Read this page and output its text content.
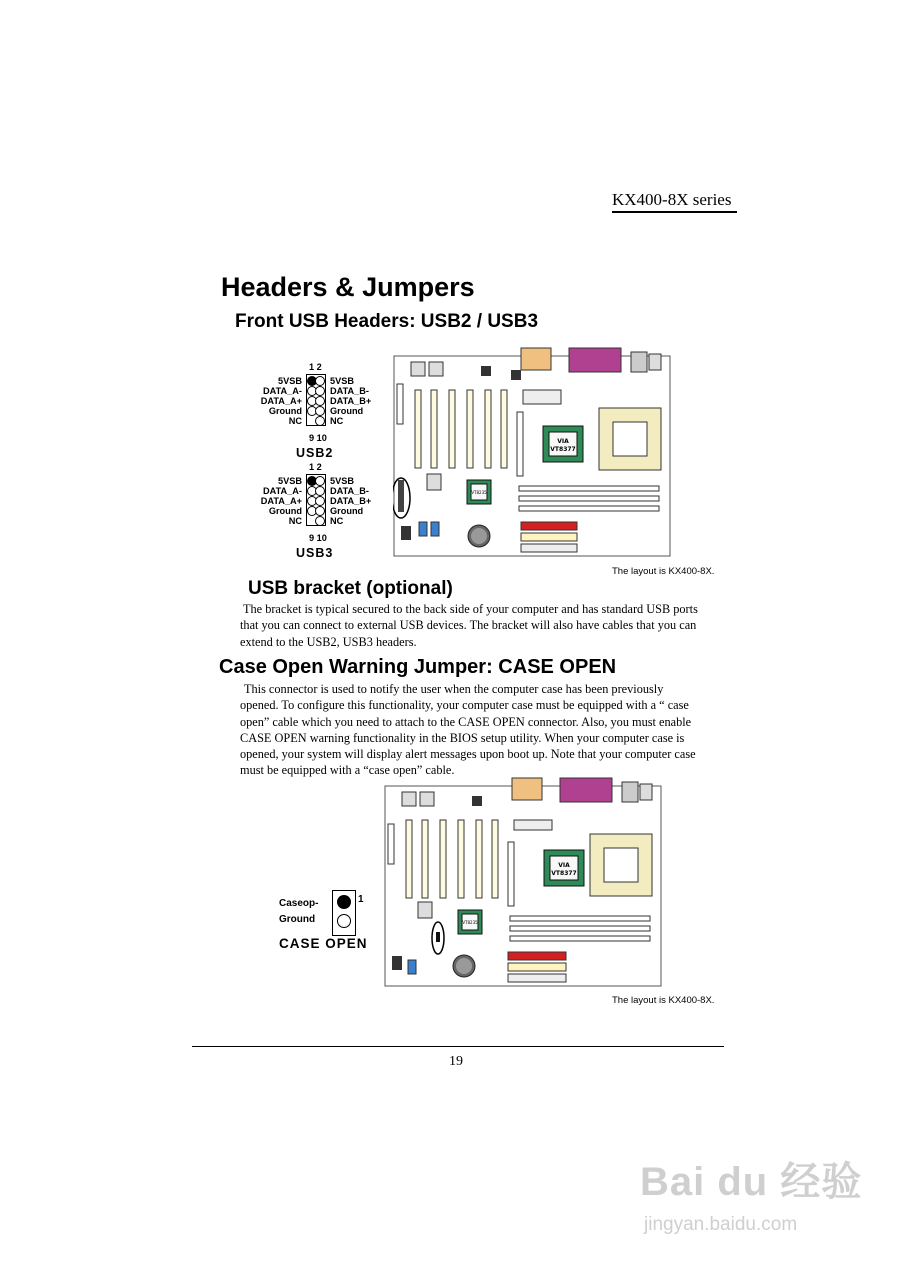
KX400-8X series
Headers & Jumpers
Front USB Headers: USB2 / USB3
1 2
5VSB
DATA_A-
DATA_A+
Ground
NC
5VSB
DATA_B-
DATA_B+
Ground
NC
9 10
USB2
1 2
5VSB
DATA_A-
DATA_A+
Ground
NC
5VSB
DATA_B-
DATA_B+
Ground
NC
9 10
USB3
VIA
VT8377
VT8235
The layout is KX400-8X.
USB bracket (optional)
The bracket is typical secured to the back side of your computer and has standard USB ports
that you can connect to external USB devices. The bracket will also have cables that you can
extend to the USB2, USB3 headers.
Case Open Warning Jumper: CASE OPEN
This connector is used to notify the user when the computer case has been previously
opened. To configure this functionality, your computer case must be equipped with a “ case
open” cable which you need to attach to the CASE OPEN connector. Also, you must enable
CASE OPEN warning functionality in the BIOS setup utility. When your computer case is
opened, your system will display alert messages upon boot up. Note that your computer case
must be equipped with a “case open” cable.
Caseop-
Ground
1
CASE OPEN
VIA
VT8377
VT8235
The layout is KX400-8X.
19
Bai du 经验
jingyan.baidu.com
